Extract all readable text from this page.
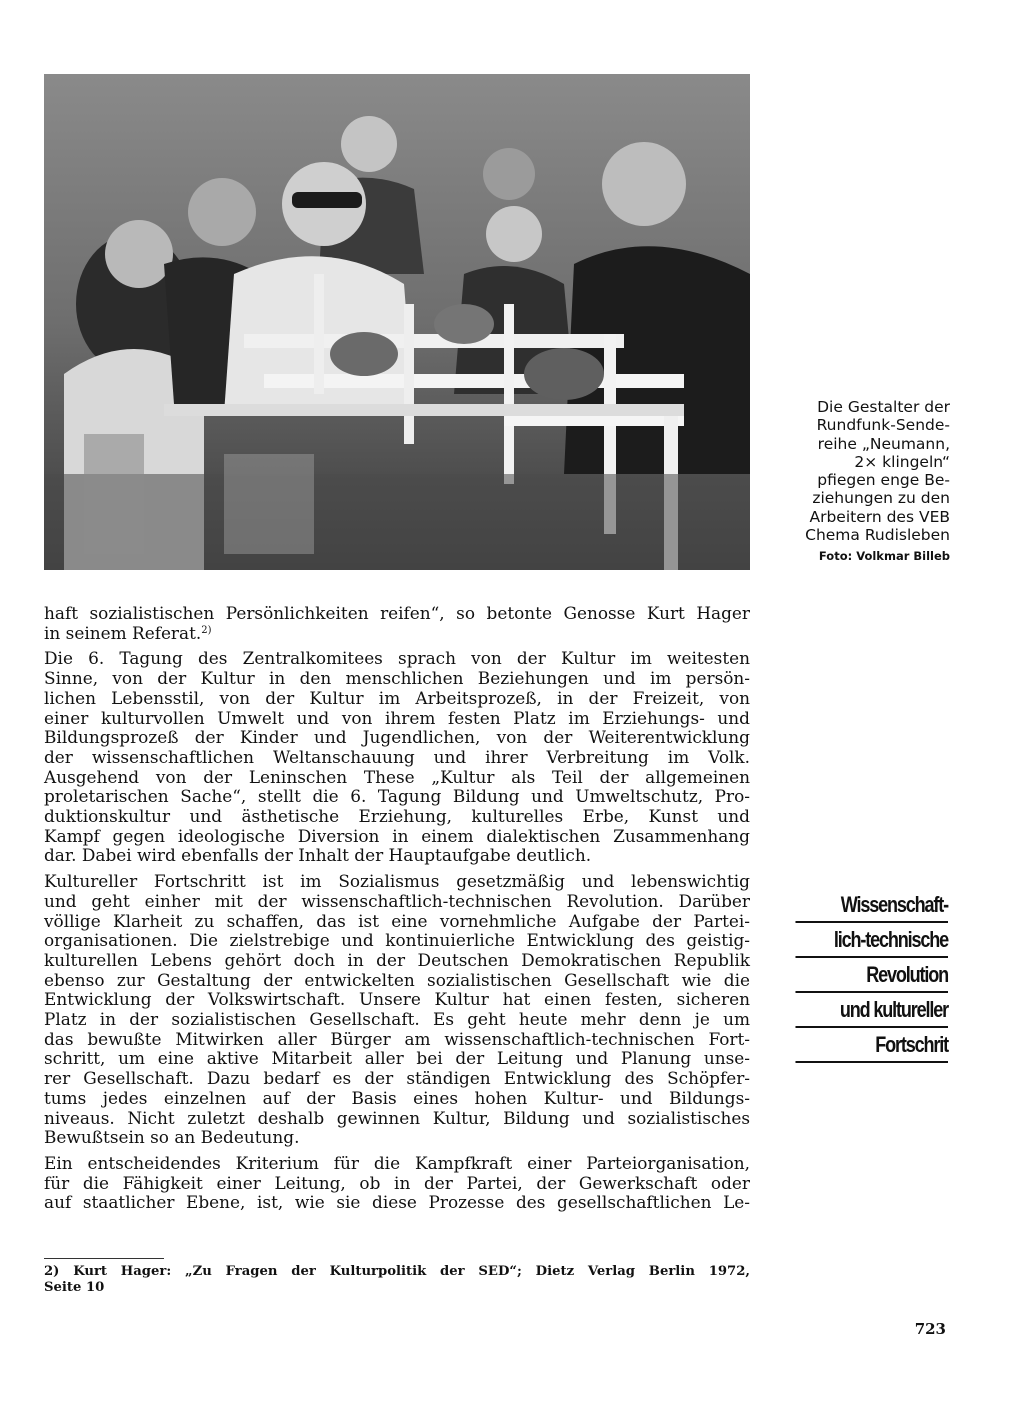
Die Gestalter der
Rundfunk-Sende-
reihe „Neumann,
2× klingeln“
pfiegen enge Be-
ziehungen zu den
Arbeitern des VEB
Chema Rudisleben
Foto: Volkmar Billeb

haft sozialistischen Persönlichkeiten reifen“, so betonte Genosse Kurt Hager
in seinem Referat.$^{2)}$

Die 6. Tagung des Zentralkomitees sprach von der Kultur im weitesten
Sinne, von der Kultur in den menschlichen Beziehungen und im persön-
lichen Lebensstil, von der Kultur im Arbeitsprozeß, in der Freizeit, von
einer kulturvollen Umwelt und von ihrem festen Platz im Erziehungs- und
Bildungsprozeß der Kinder und Jugendlichen, von der Weiterentwicklung
der wissenschaftlichen Weltanschauung und ihrer Verbreitung im Volk.
Ausgehend von der Leninschen These „Kultur als Teil der allgemeinen
proletarischen Sache“, stellt die 6. Tagung Bildung und Umweltschutz, Pro-
duktionskultur und ästhetische Erziehung, kulturelles Erbe, Kunst und
Kampf gegen ideologische Diversion in einem dialektischen Zusammenhang
dar. Dabei wird ebenfalls der Inhalt der Hauptaufgabe deutlich.

Kultureller Fortschritt ist im Sozialismus gesetzmäßig und lebenswichtig
und geht einher mit der wissenschaftlich-technischen Revolution. Darüber
völlige Klarheit zu schaffen, das ist eine vornehmliche Aufgabe der Partei-
organisationen. Die zielstrebige und kontinuierliche Entwicklung des geistig-
kulturellen Lebens gehört doch in der Deutschen Demokratischen Republik
ebenso zur Gestaltung der entwickelten sozialistischen Gesellschaft wie die
Entwicklung der Volkswirtschaft. Unsere Kultur hat einen festen, sicheren
Platz in der sozialistischen Gesellschaft. Es geht heute mehr denn je um
das bewußte Mitwirken aller Bürger am wissenschaftlich-technischen Fort-
schritt, um eine aktive Mitarbeit aller bei der Leitung und Planung unse-
rer Gesellschaft. Dazu bedarf es der ständigen Entwicklung des Schöpfer-
tums jedes einzelnen auf der Basis eines hohen Kultur- und Bildungs-
niveaus. Nicht zuletzt deshalb gewinnen Kultur, Bildung und sozialistisches
Bewußtsein so an Bedeutung.

Ein entscheidendes Kriterium für die Kampfkraft einer Parteiorganisation,
für die Fähigkeit einer Leitung, ob in der Partei, der Gewerkschaft oder
auf staatlicher Ebene, ist, wie sie diese Prozesse des gesellschaftlichen Le-

Wissenschaft-
lich-technische
Revolution
und kultureller
Fortschrit
2) Kurt Hager: „Zu Fragen der Kulturpolitik der SED“; Dietz Verlag Berlin 1972,
Seite 10
723
